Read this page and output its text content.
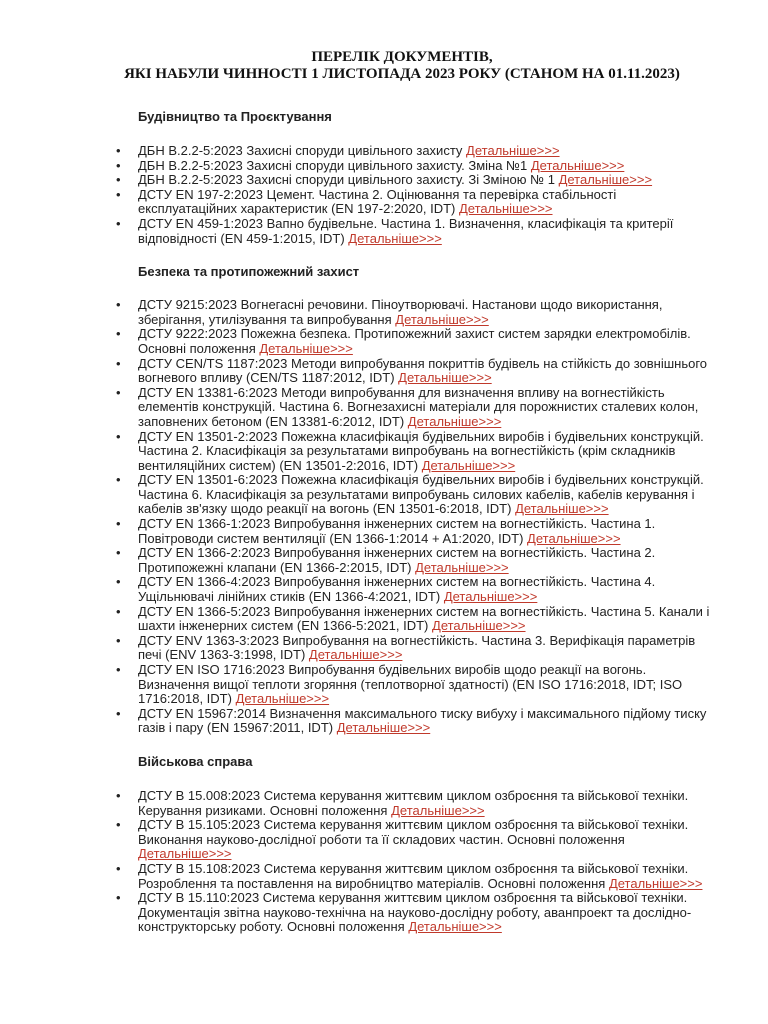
ПЕРЕЛІК ДОКУМЕНТІВ,
ЯКІ НАБУЛИ ЧИННОСТІ 1 ЛИСТОПАДА 2023 РОКУ (СТАНОМ НА 01.11.2023)
Будівництво та Проєктування
• ДБН В.2.2-5:2023 Захисні споруди цивільного захисту Детальніше>>>
• ДБН В.2.2-5:2023 Захисні споруди цивільного захисту. Зміна №1 Детальніше>>>
• ДБН В.2.2-5:2023 Захисні споруди цивільного захисту. Зі Зміною № 1 Детальніше>>>
• ДСТУ EN 197-2:2023 Цемент. Частина 2. Оцінювання та перевірка стабільності експлуатаційних характеристик (EN 197-2:2020, IDT) Детальніше>>>
• ДСТУ EN 459-1:2023 Вапно будівельне. Частина 1. Визначення, класифікація та критерії відповідності (EN 459-1:2015, IDT) Детальніше>>>
Безпека та протипожежний захист
• ДСТУ 9215:2023 Вогнегасні речовини. Піноутворювачі. Настанови щодо використання, зберігання, утилізування та випробування Детальніше>>>
• ДСТУ 9222:2023 Пожежна безпека. Протипожежний захист систем зарядки електромобілів. Основні положення Детальніше>>>
• ДСТУ CEN/TS 1187:2023 Методи випробування покриттів будівель на стійкість до зовнішнього вогневого впливу (CEN/TS 1187:2012, IDT) Детальніше>>>
• ДСТУ EN 13381-6:2023 Методи випробування для визначення впливу на вогнестійкість елементів конструкцій. Частина 6. Вогнезахисні матеріали для порожнистих сталевих колон, заповнених бетоном (EN 13381-6:2012, IDT) Детальніше>>>
• ДСТУ EN 13501-2:2023 Пожежна класифікація будівельних виробів і будівельних конструкцій. Частина 2. Класифікація за результатами випробувань на вогнестійкість (крім складників вентиляційних систем) (EN 13501-2:2016, IDT) Детальніше>>>
• ДСТУ EN 13501-6:2023 Пожежна класифікація будівельних виробів і будівельних конструкцій. Частина 6. Класифікація за результатами випробувань силових кабелів, кабелів керування і кабелів зв'язку щодо реакції на вогонь (EN 13501-6:2018, IDT) Детальніше>>>
• ДСТУ EN 1366-1:2023 Випробування інженерних систем на вогнестійкість. Частина 1. Повітроводи систем вентиляції (EN 1366-1:2014 + A1:2020, IDT) Детальніше>>>
• ДСТУ EN 1366-2:2023 Випробування інженерних систем на вогнестійкість. Частина 2. Протипожежні клапани (EN 1366-2:2015, IDT) Детальніше>>>
• ДСТУ EN 1366-4:2023 Випробування інженерних систем на вогнестійкість. Частина 4. Ущільнювачі лінійних стиків (EN 1366-4:2021, IDT) Детальніше>>>
• ДСТУ EN 1366-5:2023 Випробування інженерних систем на вогнестійкість. Частина 5. Канали і шахти інженерних систем (EN 1366-5:2021, IDT) Детальніше>>>
• ДСТУ ENV 1363-3:2023 Випробування на вогнестійкість. Частина 3. Верифікація параметрів печі (ENV 1363-3:1998, IDT) Детальніше>>>
• ДСТУ EN ISO 1716:2023 Випробування будівельних виробів щодо реакції на вогонь. Визначення вищої теплоти згоряння (теплотворної здатності) (EN ISO 1716:2018, IDT; ISO 1716:2018, IDT) Детальніше>>>
• ДСТУ EN 15967:2014 Визначення максимального тиску вибуху і максимального підйому тиску газів і пару (EN 15967:2011, IDT) Детальніше>>>
Військова справа
• ДСТУ В 15.008:2023 Система керування життєвим циклом озброєння та військової техніки. Керування ризиками. Основні положення Детальніше>>>
• ДСТУ В 15.105:2023 Система керування життєвим циклом озброєння та військової техніки. Виконання науково-дослідної роботи та її складових частин. Основні положення Детальніше>>>
• ДСТУ В 15.108:2023 Система керування життєвим циклом озброєння та військової техніки. Розроблення та поставлення на виробництво матеріалів. Основні положення Детальніше>>>
• ДСТУ В 15.110:2023 Система керування життєвим циклом озброєння та військової техніки. Документація звітна науково-технічна на науково-дослідну роботу, аванпроект та дослідно-конструкторську роботу. Основні положення Детальніше>>>
